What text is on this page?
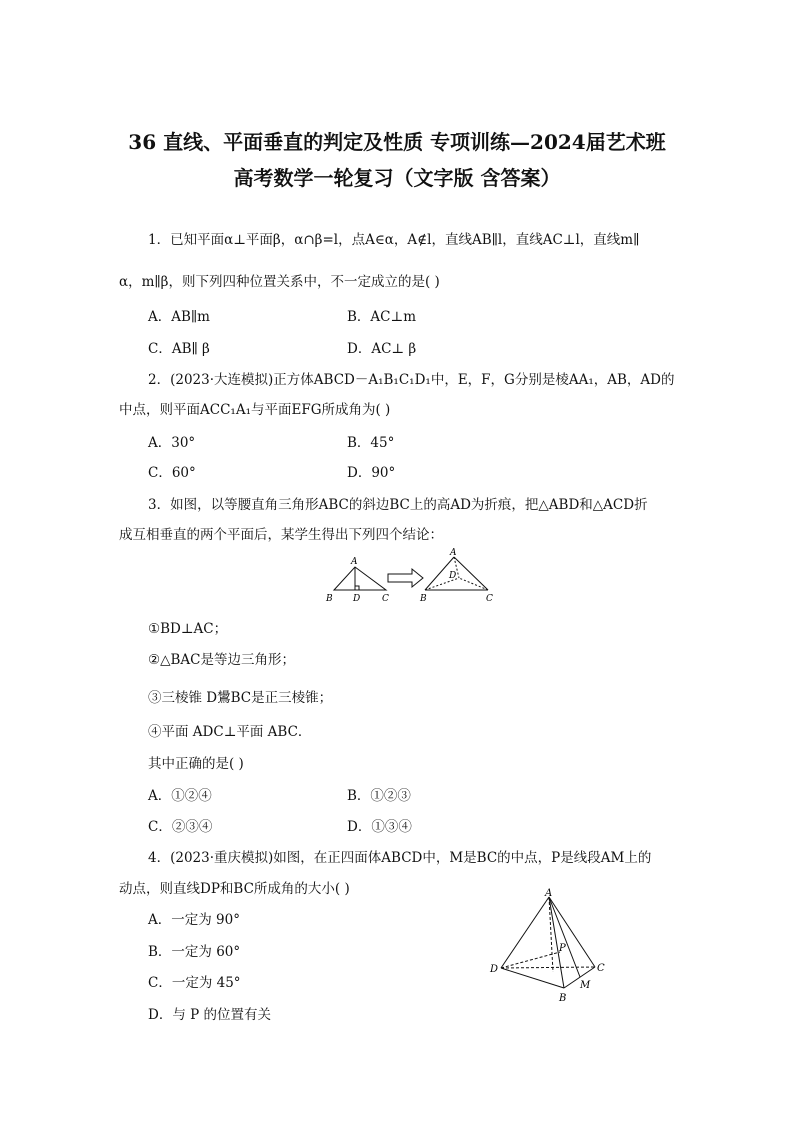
36 直线、平面垂直的判定及性质 专项训练—2024届艺术班
高考数学一轮复习（文字版 含答案）
1．已知平面α⊥平面β，α∩β=l，点A∈α，A∉l，直线AB∥l，直线AC⊥l，直线m∥
α，m∥β，则下列四种位置关系中，不一定成立的是( )
A．AB∥m	B．AC⊥m
C．AB∥ β	D．AC⊥ β
2．(2023·大连模拟)正方体ABCD－A₁B₁C₁D₁中，E，F，G分别是棱AA₁，AB，AD的
中点，则平面ACC₁A₁与平面EFG所成角为( )
A．30°	B．45°
C．60°	D．90°
3．如图，以等腰直角三角形ABC的斜边BC上的高AD为折痕，把△ABD和△ACD折
成互相垂直的两个平面后，某学生得出下列四个结论：
A
B D C
A
D
B	C
①BD⊥AC；
②△BAC是等边三角形；
③三棱锥 D鸉BC是正三棱锥；
④平面 ADC⊥平面 ABC．
其中正确的是( )
A．①②④	B．①②③
C．②③④	D．①③④
4．(2023·重庆模拟)如图，在正四面体ABCD中，M是BC的中点，P是线段AM上的
动点，则直线DP和BC所成角的大小( )
A．一定为 90°
B．一定为 60°
C．一定为 45°
D．与 P 的位置有关
A
P
D	C
M
B
